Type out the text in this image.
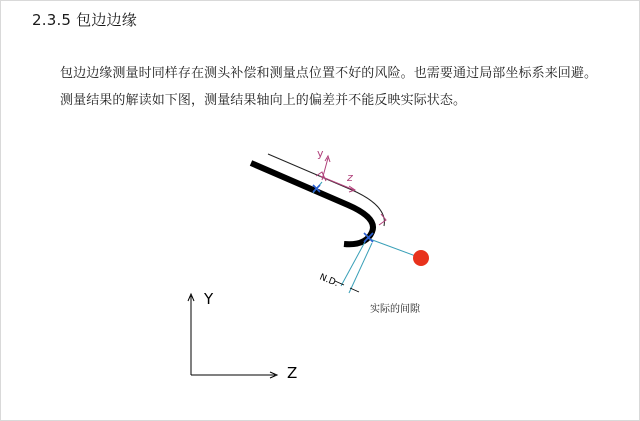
2.3.5 包边边缘
包边边缘测量时同样存在测头补偿和测量点位置不好的风险。也需要通过局部坐标系来回避。
测量结果的解读如下图，测量结果轴向上的偏差并不能反映实际状态。
y
z
N.D.
实际的间隙
Y
Z
